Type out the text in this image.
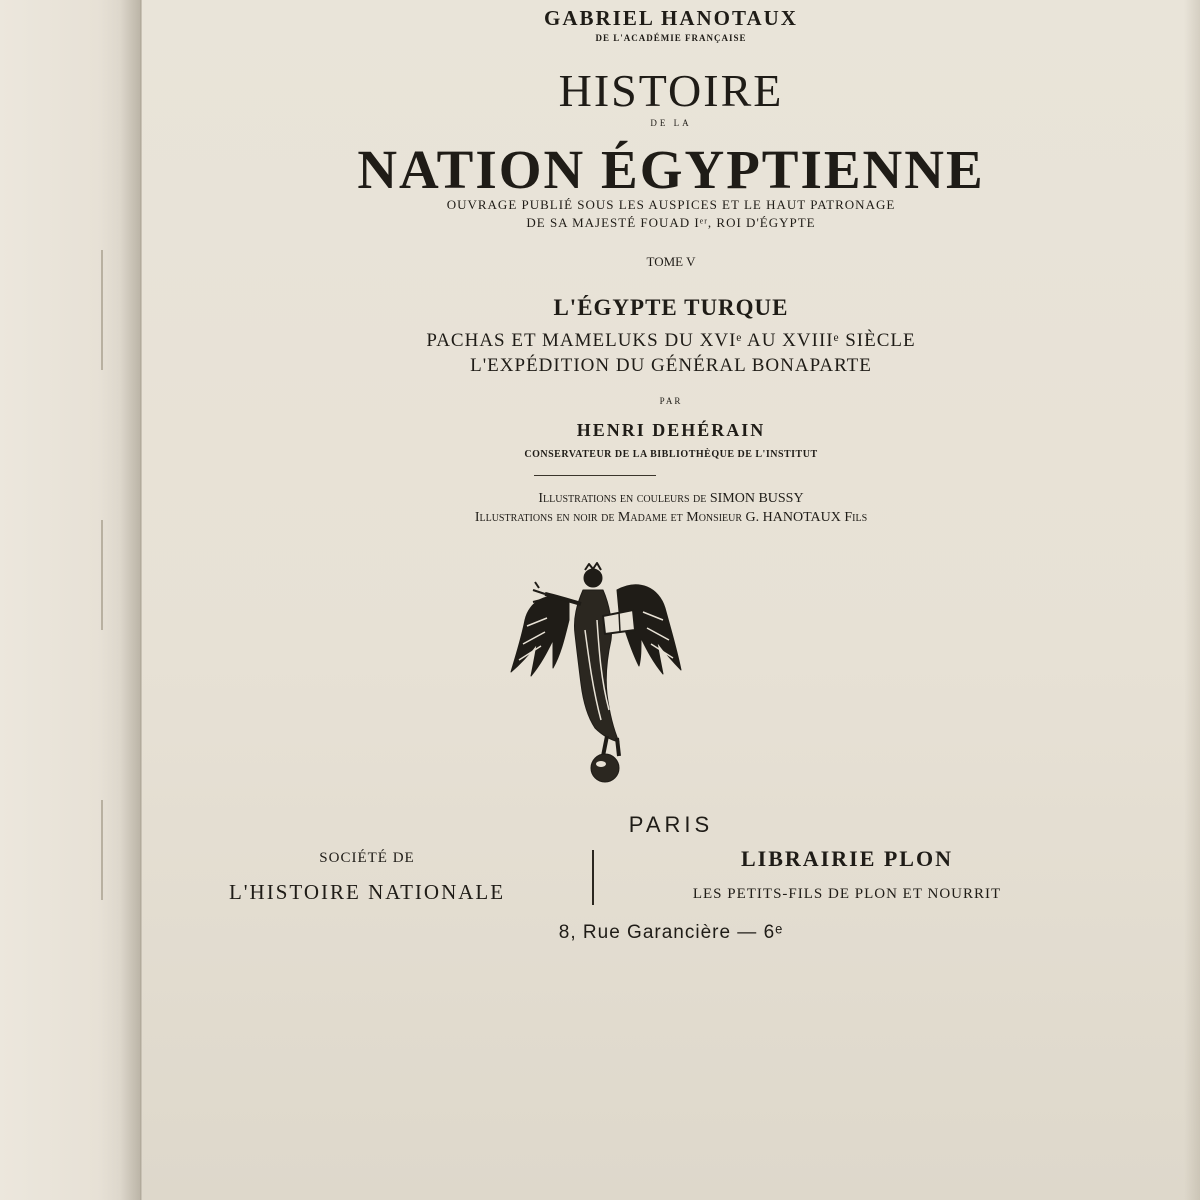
GABRIEL HANOTAUX
DE L'ACADÉMIE FRANÇAISE
HISTOIRE
DE LA
NATION ÉGYPTIENNE
OUVRAGE PUBLIÉ SOUS LES AUSPICES ET LE HAUT PATRONAGE
DE SA MAJESTÉ FOUAD Iᵉʳ, ROI D'ÉGYPTE
TOME V
L'ÉGYPTE TURQUE
PACHAS ET MAMELUKS DU XVIᵉ AU XVIIIᵉ SIÈCLE
L'EXPÉDITION DU GÉNÉRAL BONAPARTE
PAR
HENRI DEHÉRAIN
CONSERVATEUR DE LA BIBLIOTHÈQUE DE L'INSTITUT
Illustrations en couleurs de SIMON BUSSY
Illustrations en noir de Madame et Monsieur G. HANOTAUX Fils
PARIS
SOCIÉTÉ DE
L'HISTOIRE NATIONALE
LIBRAIRIE PLON
LES PETITS-FILS DE PLON ET NOURRIT
8, Rue Garancière — 6ᵉ
